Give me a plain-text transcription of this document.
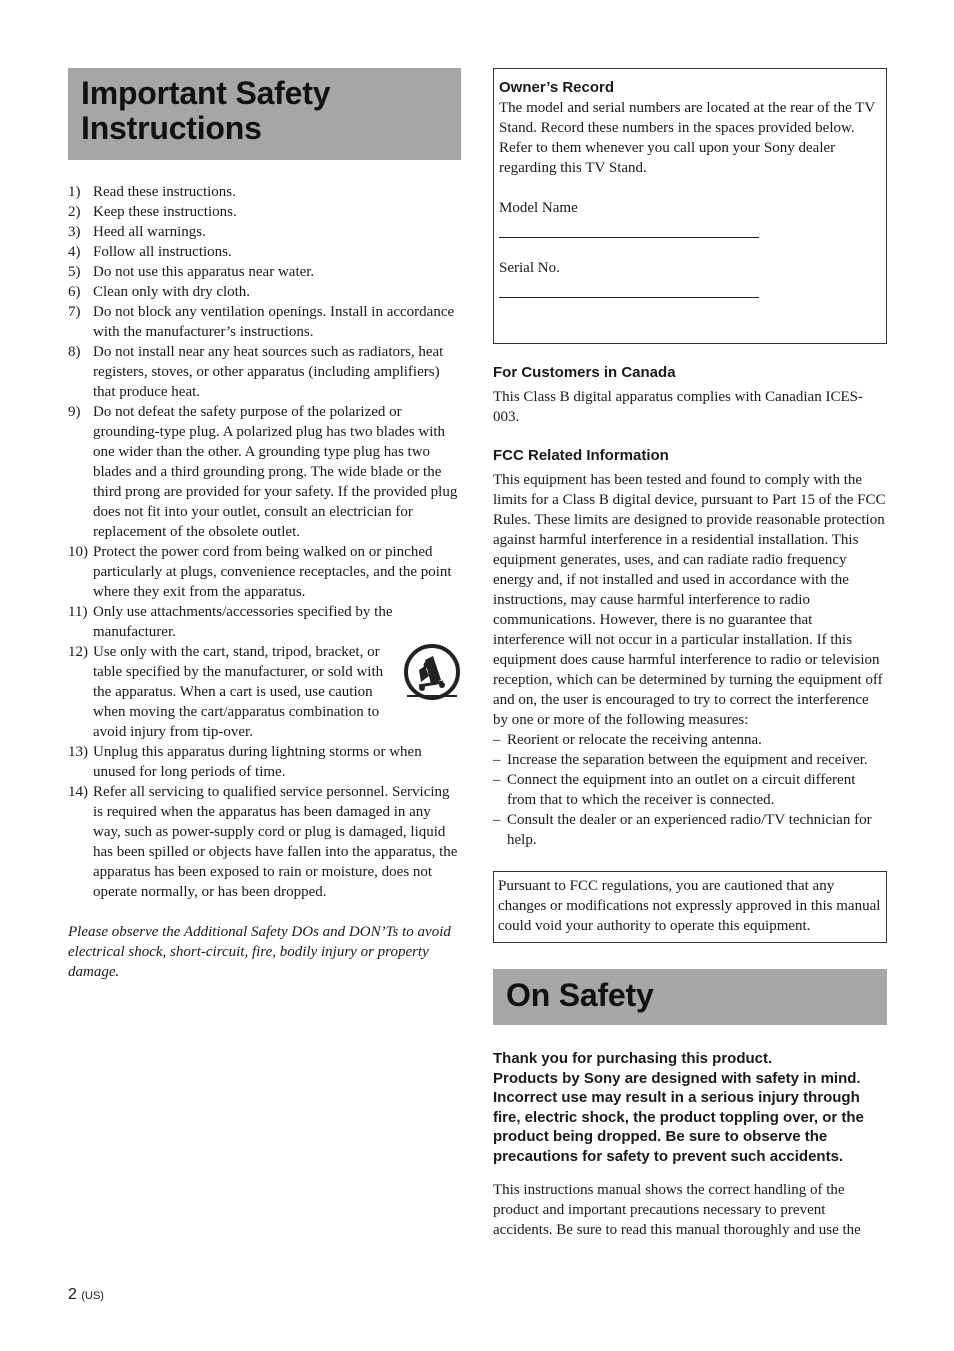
Important Safety
Instructions
1) Read these instructions.
2) Keep these instructions.
3) Heed all warnings.
4) Follow all instructions.
5) Do not use this apparatus near water.
6) Clean only with dry cloth.
7) Do not block any ventilation openings. Install in accordance with the manufacturer’s instructions.
8) Do not install near any heat sources such as radiators, heat registers, stoves, or other apparatus (including amplifiers) that produce heat.
9) Do not defeat the safety purpose of the polarized or grounding-type plug. A polarized plug has two blades with one wider than the other. A grounding type plug has two blades and a third grounding prong. The wide blade or the third prong are provided for your safety. If the provided plug does not fit into your outlet, consult an electrician for replacement of the obsolete outlet.
10) Protect the power cord from being walked on or pinched particularly at plugs, convenience receptacles, and the point where they exit from the apparatus.
11) Only use attachments/accessories specified by the manufacturer.
12) Use only with the cart, stand, tripod, bracket, or table specified by the manufacturer, or sold with the apparatus. When a cart is used, use caution when moving the cart/apparatus combination to avoid injury from tip-over.
13) Unplug this apparatus during lightning storms or when unused for long periods of time.
14) Refer all servicing to qualified service personnel. Servicing is required when the apparatus has been damaged in any way, such as power-supply cord or plug is damaged, liquid has been spilled or objects have fallen into the apparatus, the apparatus has been exposed to rain or moisture, does not operate normally, or has been dropped.

Please observe the Additional Safety DOs and DON’Ts to avoid electrical shock, short-circuit, fire, bodily injury or property damage.

Owner’s Record

The model and serial numbers are located at the rear of the TV Stand. Record these numbers in the spaces provided below.

Refer to them whenever you call upon your Sony dealer regarding this TV Stand.

Model Name

Serial No.

For Customers in Canada

This Class B digital apparatus complies with Canadian ICES-003.

FCC Related Information

This equipment has been tested and found to comply with the limits for a Class B digital device, pursuant to Part 15 of the FCC Rules. These limits are designed to provide reasonable protection against harmful interference in a residential installation. This equipment generates, uses, and can radiate radio frequency energy and, if not installed and used in accordance with the instructions, may cause harmful interference to radio communications. However, there is no guarantee that interference will not occur in a particular installation. If this equipment does cause harmful interference to radio or television reception, which can be determined by turning the equipment off and on, the user is encouraged to try to correct the interference by one or more of the following measures:

– Reorient or relocate the receiving antenna.
– Increase the separation between the equipment and receiver.
– Connect the equipment into an outlet on a circuit different from that to which the receiver is connected.
– Consult the dealer or an experienced radio/TV technician for help.
Pursuant to FCC regulations, you are cautioned that any changes or modifications not expressly approved in this manual could void your authority to operate this equipment.
On Safety
Thank you for purchasing this product.
Products by Sony are designed with safety in mind. Incorrect use may result in a serious injury through fire, electric shock, the product toppling over, or the product being dropped. Be sure to observe the precautions for safety to prevent such accidents.

This instructions manual shows the correct handling of the product and important precautions necessary to prevent accidents. Be sure to read this manual thoroughly and use the

2 (US)
